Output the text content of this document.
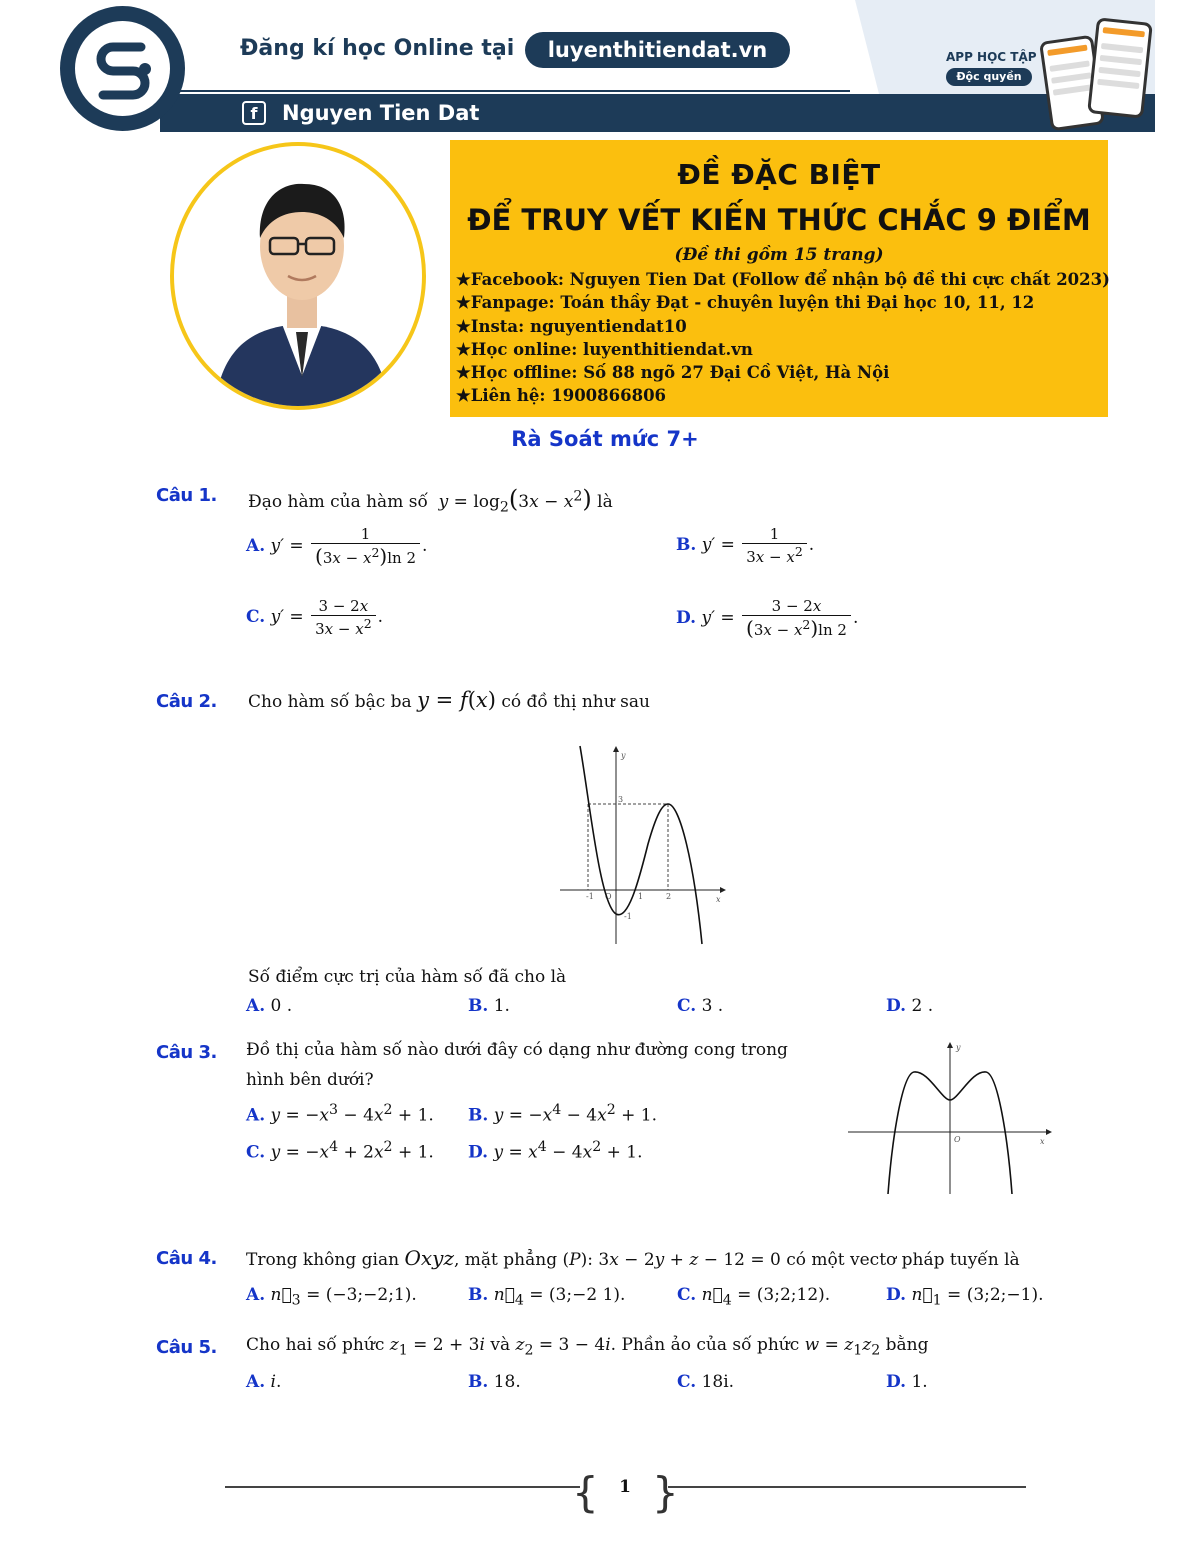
Đăng kí học Online tại	luyenthitiendat.vn
f	Nguyen Tien Dat
APP HỌC TẬP
Độc quyền
ĐỀ ĐẶC BIỆT
ĐỂ TRUY VẾT KIẾN THỨC CHẮC 9 ĐIỂM
(Đề thi gồm 15 trang)
★Facebook: Nguyen Tien Dat (Follow để nhận bộ đề thi cực chất 2023)
★Fanpage: Toán thầy Đạt - chuyên luyện thi Đại học 10, 11, 12
★Insta: nguyentiendat10
★Học online: luyenthitiendat.vn
★Học offline: Số 88 ngõ 27 Đại Cồ Việt, Hà Nội
★Liên hệ: 1900866806
Rà Soát mức 7+
Câu 1. Đạo hàm của hàm số  $y = \log_2(3x - x^2)$ là
A. $y' = \frac{1}{(3x - x^2)\ln 2}$ .	B. $y' = \frac{1}{3x - x^2}$ .
C. $y' = \frac{3 - 2x}{3x - x^2}$ .	D. $y' = \frac{3 - 2x}{(3x - x^2)\ln 2}$ .
Câu 2. Cho hàm số bậc ba y = f(x) có đồ thị như sau
y
x
3
-1	1	2
O
-1
Số điểm cực trị của hàm số đã cho là
A. 0 .	B. 1.	C. 3 .	D. 2 .
Câu 3. Đồ thị của hàm số nào dưới đây có dạng như đường cong trong
hình bên dưới?
A. $y = -x^3 - 4x^2 + 1$. B. $y = -x^4 - 4x^2 + 1$.
C. $y = -x^4 + 2x^2 + 1$. D. $y = x^4 - 4x^2 + 1$.
y
x
O
Câu 4. Trong không gian Oxyz, mặt phẳng (P): 3x − 2y + z − 12 = 0 có một vectơ pháp tuyến là
A. $n⃗_3$ = (−3;−2;1).	B. $n⃗_4$ = (3;−2 1).	C. $n⃗_4$ = (3;2;12).	D. $n⃗_1$ = (3;2;−1).
Câu 5. Cho hai số phức $z_1 = 2 + 3i$ và $z_2 = 3 - 4i$. Phần ảo của số phức $w = z_1z_2$ bằng
A. i.	B. 18.	C. 18i.	D. 1.
{ }
1
